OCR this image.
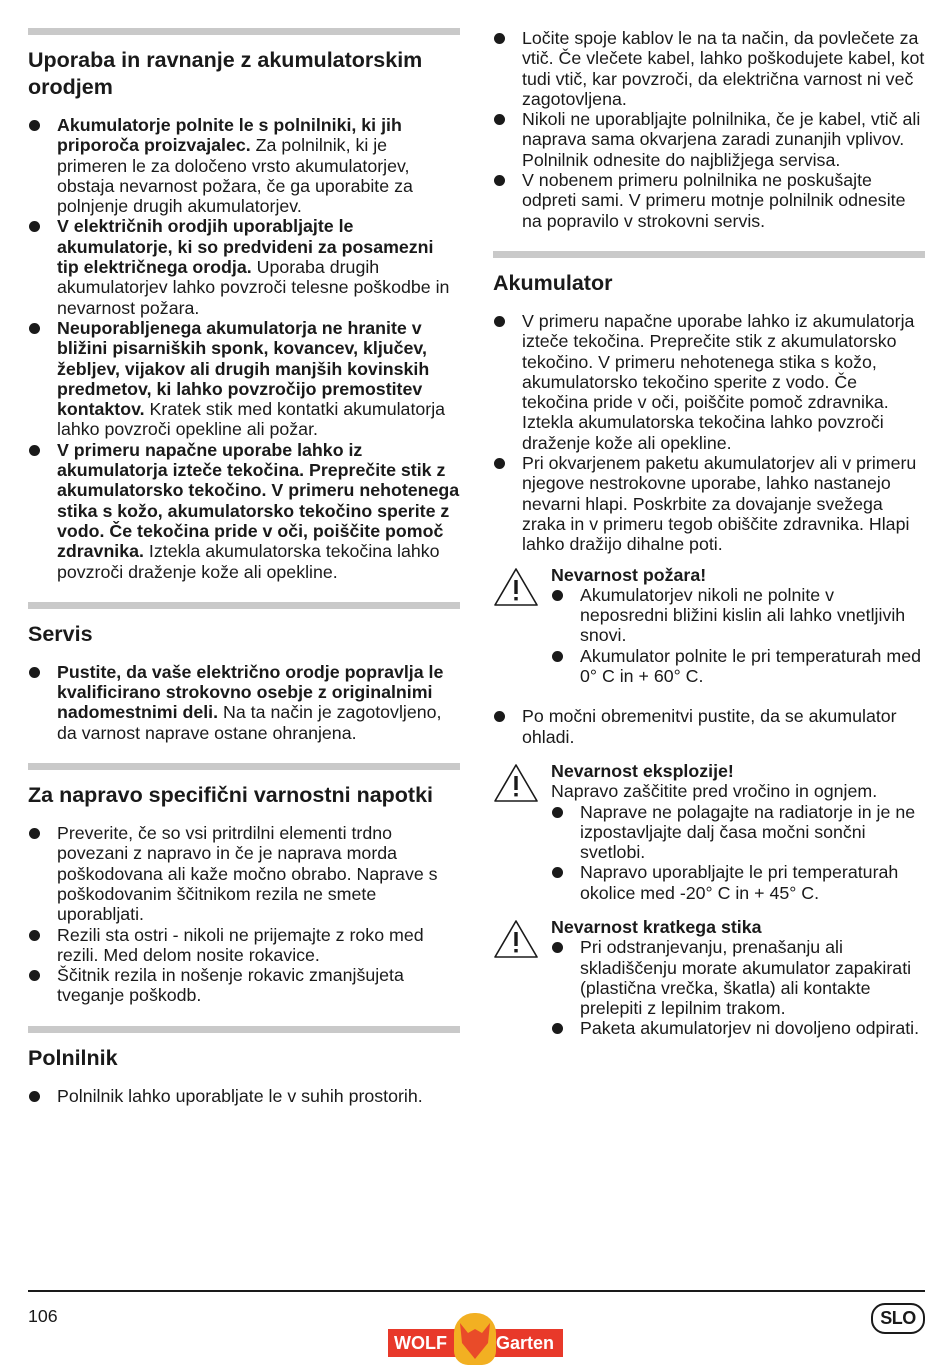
Uporaba in ravnanje z akumulatorskim orodjem
Akumulatorje polnite le s polnilniki, ki jih priporoča proizvajalec. Za polnilnik, ki je primeren le za določeno vrsto akumulatorjev, obstaja nevarnost požara, če ga uporabite za polnjenje drugih akumulatorjev.
V električnih orodjih uporabljajte le akumulatorje, ki so predvideni za posamezni tip električnega orodja. Uporaba drugih akumulatorjev lahko povzroči telesne poškodbe in nevarnost požara.
Neuporabljenega akumulatorja ne hranite v bližini pisarniških sponk, kovancev, ključev, žebljev, vijakov ali drugih manjših kovinskih predmetov, ki lahko povzročijo premostitev kontaktov. Kratek stik med kontatki akumulatorja lahko povzroči opekline ali požar.
V primeru napačne uporabe lahko iz akumulatorja izteče tekočina. Preprečite stik z akumulatorsko tekočino. V primeru nehotenega stika s kožo, akumulatorsko tekočino sperite z vodo. Če tekočina pride v oči, poiščite pomoč zdravnika. Iztekla akumulatorska tekočina lahko povzroči draženje kože ali opekline.
Servis
Pustite, da vaše električno orodje popravlja le kvalificirano strokovno osebje z originalnimi nadomestnimi deli. Na ta način je zagotovljeno, da varnost naprave ostane ohranjena.
Za napravo specifični varnostni napotki
Preverite, če so vsi pritrdilni elementi trdno povezani z napravo in če je naprava morda poškodovana ali kaže močno obrabo. Naprave s poškodovanim ščitnikom rezila ne smete uporabljati.
Rezili sta ostri - nikoli ne prijemajte z roko med rezili. Med delom nosite rokavice.
Ščitnik rezila in nošenje rokavic zmanjšujeta tveganje poškodb.
Polnilnik
Polnilnik lahko uporabljate le v suhih prostorih.
Ločite spoje kablov le na ta način, da povlečete za vtič. Če vlečete kabel, lahko poškodujete kabel, kot tudi vtič, kar povzroči, da električna varnost ni več zagotovljena.
Nikoli ne uporabljajte polnilnika, če je kabel, vtič ali naprava sama okvarjena zaradi zunanjih vplivov. Polnilnik odnesite do najbližjega servisa.
V nobenem primeru polnilnika ne poskušajte odpreti sami. V primeru motnje polnilnik odnesite na popravilo v strokovni servis.
Akumulator
V primeru napačne uporabe lahko iz akumulatorja izteče tekočina. Preprečite stik z akumulatorsko tekočino. V primeru nehotenega stika s kožo, akumulatorsko tekočino sperite z vodo. Če tekočina pride v oči, poiščite pomoč zdravnika. Iztekla akumulatorska tekočina lahko povzroči draženje kože ali opekline.
Pri okvarjenem paketu akumulatorjev ali v primeru njegove nestrokovne uporabe, lahko nastanejo nevarni hlapi. Poskrbite za dovajanje svežega zraka in v primeru tegob obiščite zdravnika. Hlapi lahko dražijo dihalne poti.
Nevarnost požara!
Akumulatorjev nikoli ne polnite v neposredni bližini kislin ali lahko vnetljivih snovi.
Akumulator polnite le pri temperaturah med 0° C in + 60° C.
Po močni obremenitvi pustite, da se akumulator ohladi.
Nevarnost eksplozije!
Napravo zaščitite pred vročino in ognjem.
Naprave ne polagajte na radiatorje in je ne izpostavljajte dalj časa močni sončni svetlobi.
Napravo uporabljajte le pri temperaturah okolice med -20° C in + 45° C.
Nevarnost kratkega stika
Pri odstranjevanju, prenašanju ali skladiščenju morate akumulator zapakirati (plastična vrečka, škatla) ali kontakte prelepiti z lepilnim trakom.
Paketa akumulatorjev ni dovoljeno odpirati.
106
WOLF	Garten
SLO
